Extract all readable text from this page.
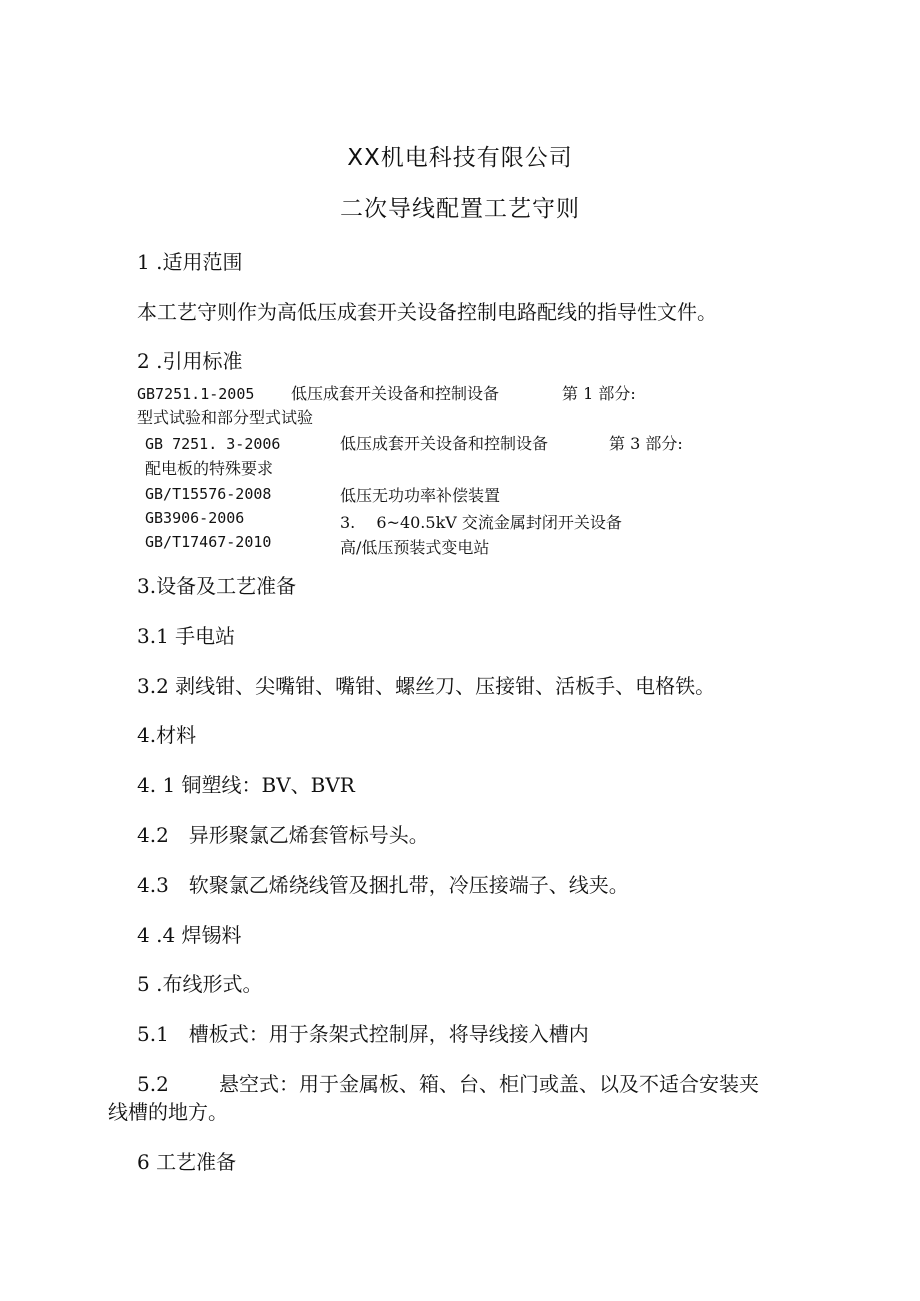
XX机电科技有限公司
二次导线配置工艺守则
1 .适用范围
本工艺守则作为高低压成套开关设备控制电路配线的指导性文件。
2 .引用标准
GB7251.1-2005 低压成套开关设备和控制设备	第 1 部分:
型式试验和部分型式试验
GB 7251. 3-2006	低压成套开关设备和控制设备	第 3 部分:
配电板的特殊要求
GB/T15576-2008	低压无功功率补偿装置
GB3906-2006	3.　 6~40.5kV 交流金属封闭开关设备
GB/T17467-2010	高/低压预装式变电站
3.设备及工艺准备
3.1 手电站
3.2 剥线钳、尖嘴钳、嘴钳、螺丝刀、压接钳、活板手、电格铁。
4.材料
4. 1 铜塑线：BV、BVR
4.2　异形聚氯乙烯套管标号头。
4.3　软聚氯乙烯绕线管及捆扎带，冷压接端子、线夹。
4 .4 焊锡料
5 .布线形式。
5.1　槽板式：用于条架式控制屏，将导线接入槽内
5.2	悬空式：用于金属板、箱、台、柜门或盖、以及不适合安装夹
线槽的地方。
6 工艺准备
